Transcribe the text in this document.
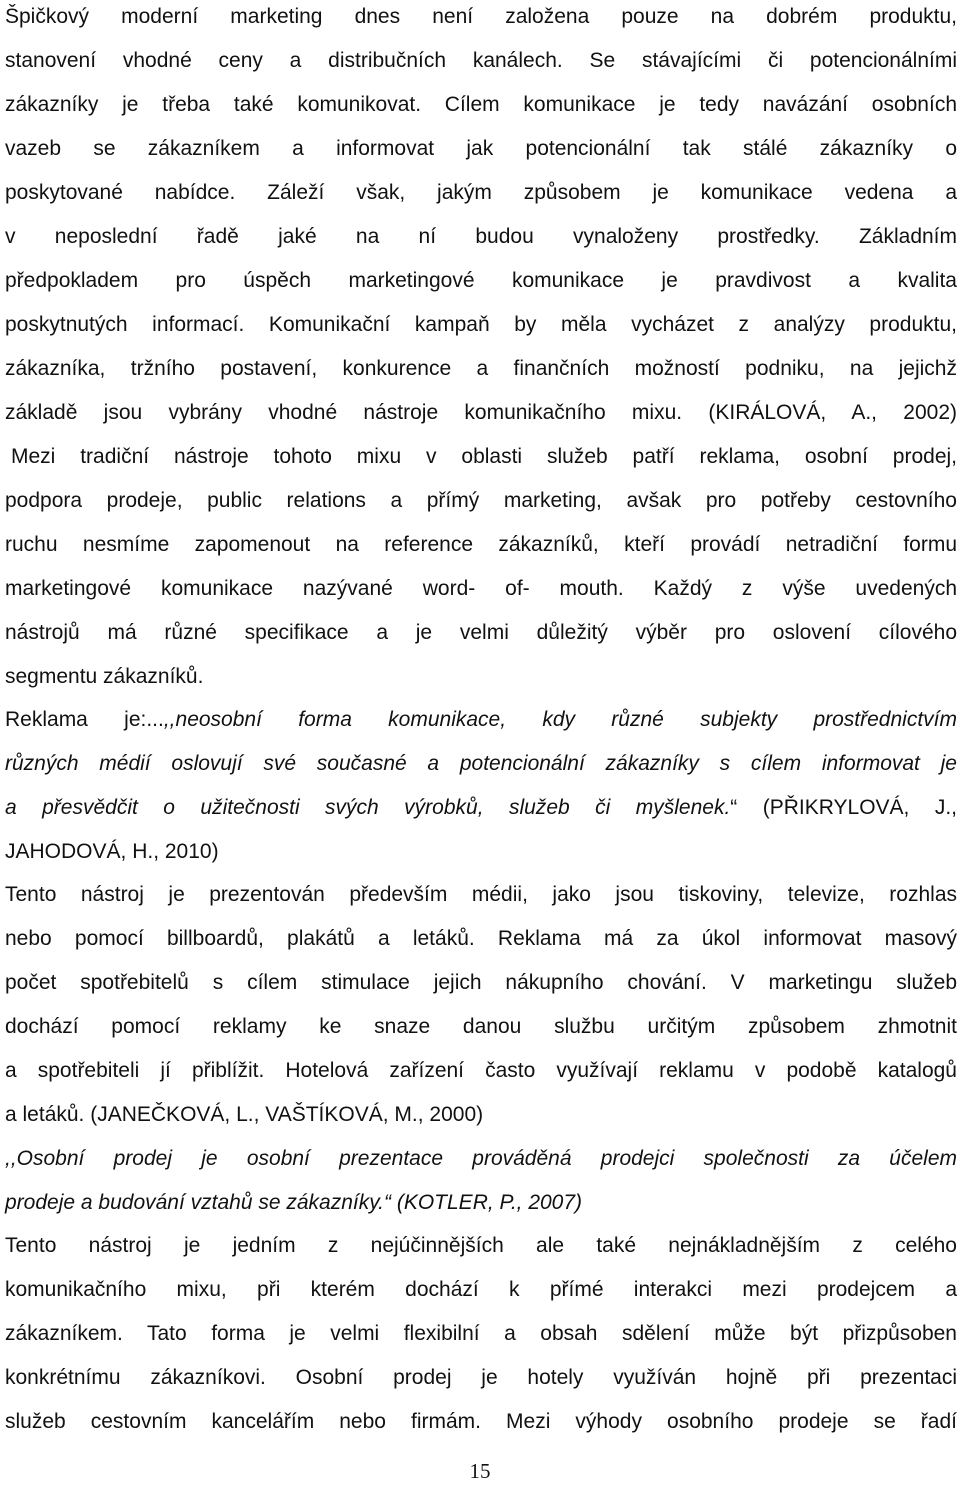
Špičkový moderní marketing dnes není založena pouze na dobrém produktu,
stanovení vhodné ceny a distribučních kanálech. Se stávajícími či potencionálními
zákazníky je třeba také komunikovat. Cílem komunikace je tedy navázání osobních
vazeb se zákazníkem a informovat jak potencionální tak stálé zákazníky o
poskytované nabídce. Záleží však, jakým způsobem je komunikace vedena a
v neposlední řadě jaké na ní budou vynaloženy prostředky. Základním
předpokladem pro úspěch marketingové komunikace je pravdivost a kvalita
poskytnutých informací. Komunikační kampaň by měla vycházet z analýzy produktu,
zákazníka, tržního postavení, konkurence a finančních možností podniku, na jejichž
základě jsou vybrány vhodné nástroje komunikačního mixu. (KIRÁLOVÁ, A., 2002)
Mezi tradiční nástroje tohoto mixu v oblasti služeb patří reklama, osobní prodej,
podpora prodeje, public relations a přímý marketing, avšak pro potřeby cestovního
ruchu nesmíme zapomenout na reference zákazníků, kteří provádí netradiční formu
marketingové komunikace nazývané word- of- mouth. Každý z výše uvedených
nástrojů má různé specifikace a je velmi důležitý výběr pro oslovení cílového
segmentu zákazníků.
Reklama je:...,,neosobní forma komunikace, kdy různé subjekty prostřednictvím
různých médií oslovují své současné a potencionální zákazníky s cílem informovat je
a přesvědčit o užitečnosti svých výrobků, služeb či myšlenek.“ (PŘIKRYLOVÁ, J.,
JAHODOVÁ, H., 2010)
Tento nástroj je prezentován především médii, jako jsou tiskoviny, televize, rozhlas
nebo pomocí billboardů, plakátů a letáků. Reklama má za úkol informovat masový
počet spotřebitelů s cílem stimulace jejich nákupního chování. V marketingu služeb
dochází pomocí reklamy ke snaze danou službu určitým způsobem zhmotnit
a spotřebiteli jí přiblížit. Hotelová zařízení často využívají reklamu v podobě katalogů
a letáků. (JANEČKOVÁ, L., VAŠTÍKOVÁ, M., 2000)
,,Osobní prodej je osobní prezentace prováděná prodejci společnosti za účelem
prodeje a budování vztahů se zákazníky.“ (KOTLER, P., 2007)
Tento nástroj je jedním z nejúčinnějších ale také nejnákladnějším z celého
komunikačního mixu, při kterém dochází k přímé interakci mezi prodejcem a
zákazníkem. Tato forma je velmi flexibilní a obsah sdělení může být přizpůsoben
konkrétnímu zákazníkovi. Osobní prodej je hotely využíván hojně při prezentaci
služeb cestovním kancelářím nebo firmám. Mezi výhody osobního prodeje se řadí
15
